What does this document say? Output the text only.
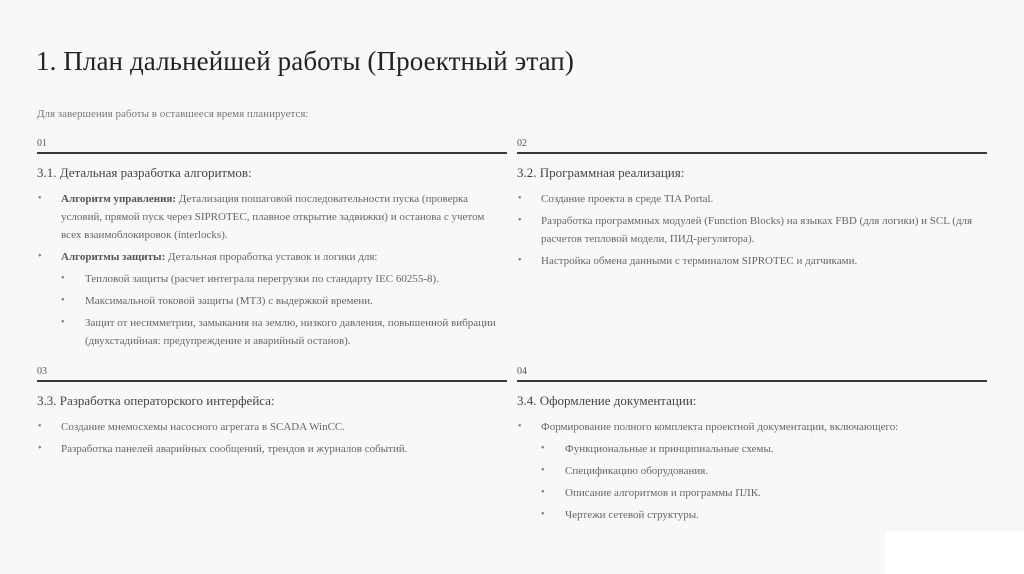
1. План дальнейшей работы (Проектный этап)
Для завершения работы в оставшееся время планируется:
01
3.1. Детальная разработка алгоритмов:
• Алгоритм управления: Детализация пошаговой последовательности пуска (проверка условий, прямой пуск через SIPROTEC, плавное открытие задвижки) и останова с учетом всех взаимоблокировок (interlocks).
• Алгоритмы защиты: Детальная проработка уставок и логики для:
• Тепловой защиты (расчет интеграла перегрузки по стандарту IEC 60255-8).
• Максимальной токовой защиты (МТЗ) с выдержкой времени.
• Защит от несимметрии, замыкания на землю, низкого давления, повышенной вибрации (двухстадийная: предупреждение и аварийный останов).
02
3.2. Программная реализация:
• Создание проекта в среде TIA Portal.
• Разработка программных модулей (Function Blocks) на языках FBD (для логики) и SCL (для расчетов тепловой модели, ПИД-регулятора).
• Настройка обмена данными с терминалом SIPROTEC и датчиками.
03
3.3. Разработка операторского интерфейса:
• Создание мнемосхемы насосного агрегата в SCADA WinCC.
• Разработка панелей аварийных сообщений, трендов и журналов событий.
04
3.4. Оформление документации:
• Формирование полного комплекта проектной документации, включающего:
• Функциональные и принципиальные схемы.
• Спецификацию оборудования.
• Описание алгоритмов и программы ПЛК.
• Чертежи сетевой структуры.
